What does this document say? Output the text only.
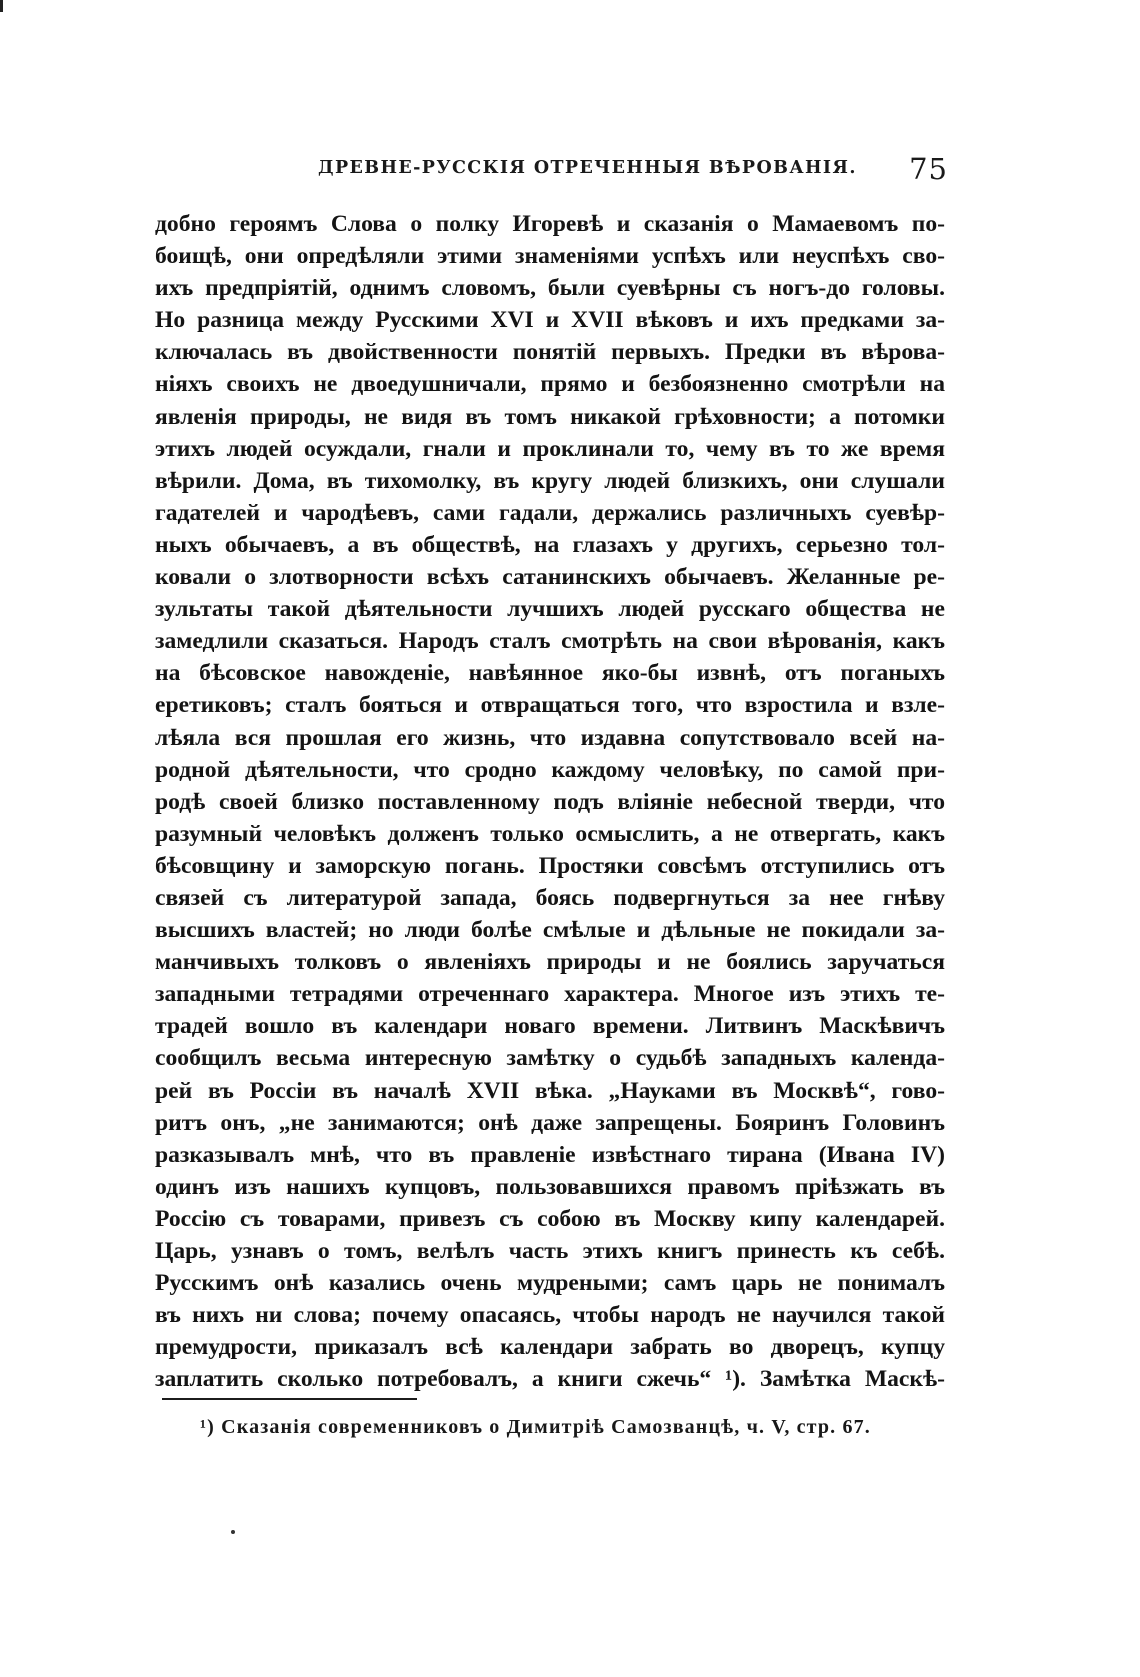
ДРЕВНЕ-РУССКІЯ ОТРЕЧЕННЫЯ ВѢРОВАНІЯ. 75
добно героямъ Слова о полку Игоревѣ и сказанія о Мамаевомъ по-
боищѣ, они опредѣляли этими знаменіями успѣхъ или неуспѣхъ сво-
ихъ предпріятій, однимъ словомъ, были суевѣрны съ ногъ-до головы.
Но разница между Русскими XVI и XVII вѣковъ и ихъ предками за-
ключалась въ двойственности понятій первыхъ. Предки въ вѣрова-
ніяхъ своихъ не двоедушничали, прямо и безбоязненно смотрѣли на
явленія природы, не видя въ томъ никакой грѣховности; а потомки
этихъ людей осуждали, гнали и проклинали то, чему въ то же время
вѣрили. Дома, въ тихомолку, въ кругу людей близкихъ, они слушали
гадателей и чародѣевъ, сами гадали, держались различныхъ суевѣр-
ныхъ обычаевъ, а въ обществѣ, на глазахъ у другихъ, серьезно тол-
ковали о злотворности всѣхъ сатанинскихъ обычаевъ. Желанные ре-
зультаты такой дѣятельности лучшихъ людей русскаго общества не
замедлили сказаться. Народъ сталъ смотрѣть на свои вѣрованія, какъ
на бѣсовское навожденіе, навѣянное яко-бы извнѣ, отъ поганыхъ
еретиковъ; сталъ бояться и отвращаться того, что взростила и взле-
лѣяла вся прошлая его жизнь, что издавна сопутствовало всей на-
родной дѣятельности, что сродно каждому человѣку, по самой при-
родѣ своей близко поставленному подъ вліяніе небесной тверди, что
разумный человѣкъ долженъ только осмыслить, а не отвергать, какъ
бѣсовщину и заморскую погань. Простяки совсѣмъ отступились отъ
связей съ литературой запада, боясь подвергнуться за нее гнѣву
высшихъ властей; но люди болѣе смѣлые и дѣльные не покидали за-
манчивыхъ толковъ о явленіяхъ природы и не боялись заручаться
западными тетрадями отреченнаго характера. Многое изъ этихъ те-
традей вошло въ календари новаго времени. Литвинъ Маскѣвичъ
сообщилъ весьма интересную замѣтку о судьбѣ западныхъ календа-
рей въ Россіи въ началѣ XVII вѣка. „Науками въ Москвѣ“, гово-
ритъ онъ, „не занимаются; онѣ даже запрещены. Бояринъ Головинъ
разказывалъ мнѣ, что въ правленіе извѣстнаго тирана (Ивана IV)
одинъ изъ нашихъ купцовъ, пользовавшихся правомъ пріѣзжать въ
Россію съ товарами, привезъ съ собою въ Москву кипу календарей.
Царь, узнавъ о томъ, велѣлъ часть этихъ книгъ принесть къ себѣ.
Русскимъ онѣ казались очень мудреными; самъ царь не понималъ
въ нихъ ни слова; почему опасаясь, чтобы народъ не научился такой
премудрости, приказалъ всѣ календари забрать во дворецъ, купцу
заплатить сколько потребовалъ, а книги сжечь“ ¹). Замѣтка Маскѣ-
¹) Сказанія современниковъ о Димитріѣ Самозванцѣ, ч. V, стр. 67.
